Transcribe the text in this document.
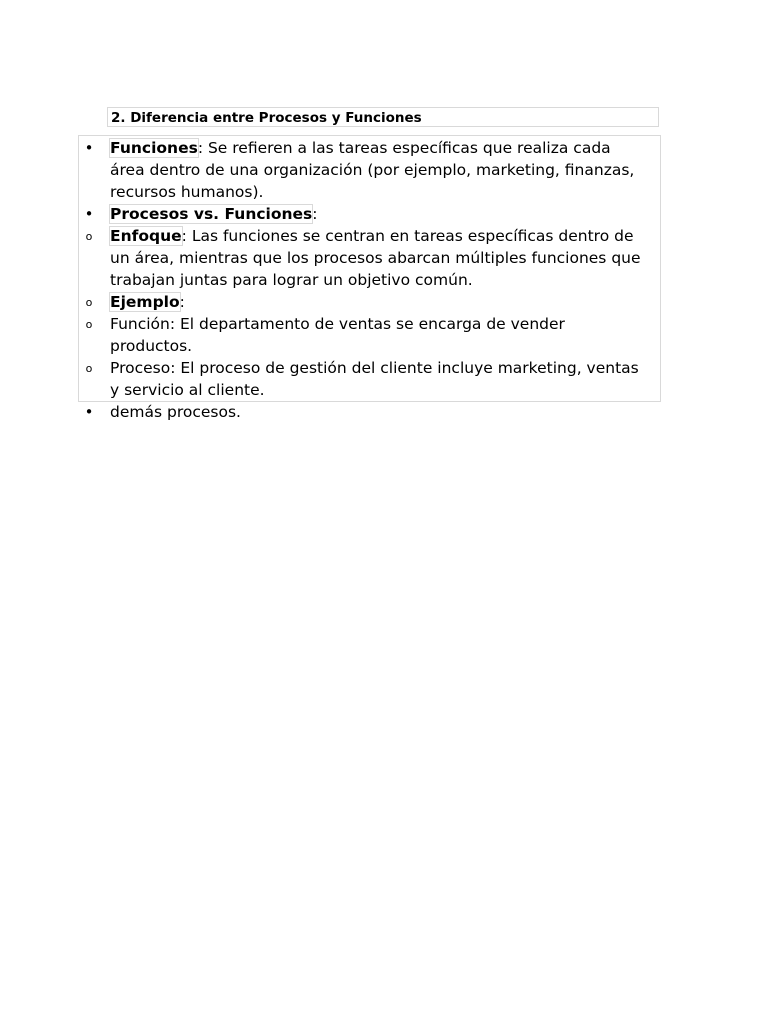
2. Diferencia entre Procesos y Funciones
•	Funciones: Se refieren a las tareas específicas que realiza cada área dentro de una organización (por ejemplo, marketing, finanzas, recursos humanos).
•	Procesos vs. Funciones:
o	Enfoque: Las funciones se centran en tareas específicas dentro de un área, mientras que los procesos abarcan múltiples funciones que trabajan juntas para lograr un objetivo común.
o	Ejemplo:
o	Función: El departamento de ventas se encarga de vender productos.
o	Proceso: El proceso de gestión del cliente incluye marketing, ventas y servicio al cliente.
•	demás procesos.
